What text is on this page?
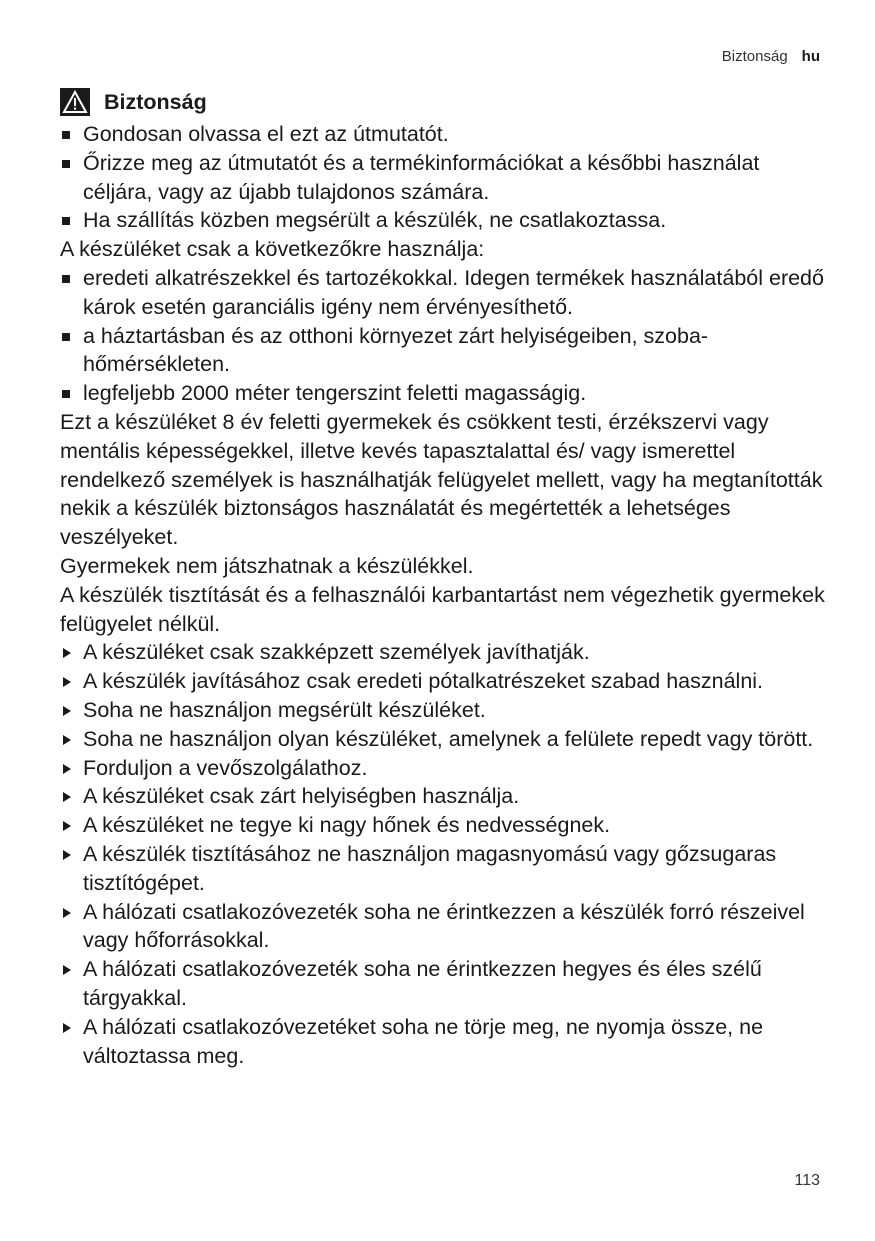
Biztonság hu
Biztonság
Gondosan olvassa el ezt az útmutatót.
Őrizze meg az útmutatót és a termékinformációkat a későbbi használat céljára, vagy az újabb tulajdonos számára.
Ha szállítás közben megsérült a készülék, ne csatlakoztassa.

A készüléket csak a következőkre használja:

eredeti alkatrészekkel és tartozékokkal. Idegen termékek használatából eredő károk esetén garanciális igény nem érvényesíthető.
a háztartásban és az otthoni környezet zárt helyiségeiben, szobahőmérsékleten.
legfeljebb 2000 méter tengerszint feletti magasságig.

Ezt a készüléket 8 év feletti gyermekek és csökkent testi, érzékszervi vagy mentális képességekkel, illetve kevés tapasztalattal és/ vagy ismerettel rendelkező személyek is használhatják felügyelet mellett, vagy ha megtanították nekik a készülék biztonságos használatát és megértették a lehetséges veszélyeket.

Gyermekek nem játszhatnak a készülékkel.

A készülék tisztítását és a felhasználói karbantartást nem végezhetik gyermekek felügyelet nélkül.

A készüléket csak szakképzett személyek javíthatják.
A készülék javításához csak eredeti pótalkatrészeket szabad használni.
Soha ne használjon megsérült készüléket.
Soha ne használjon olyan készüléket, amelynek a felülete repedt vagy törött.
Forduljon a vevőszolgálathoz.
A készüléket csak zárt helyiségben használja.
A készüléket ne tegye ki nagy hőnek és nedvességnek.
A készülék tisztításához ne használjon magasnyomású vagy gőzsugaras tisztítógépet.
A hálózati csatlakozóvezeték soha ne érintkezzen a készülék forró részeivel vagy hőforrásokkal.
A hálózati csatlakozóvezeték soha ne érintkezzen hegyes és éles szélű tárgyakkal.
A hálózati csatlakozóvezetéket soha ne törje meg, ne nyomja össze, ne változtassa meg.
113
